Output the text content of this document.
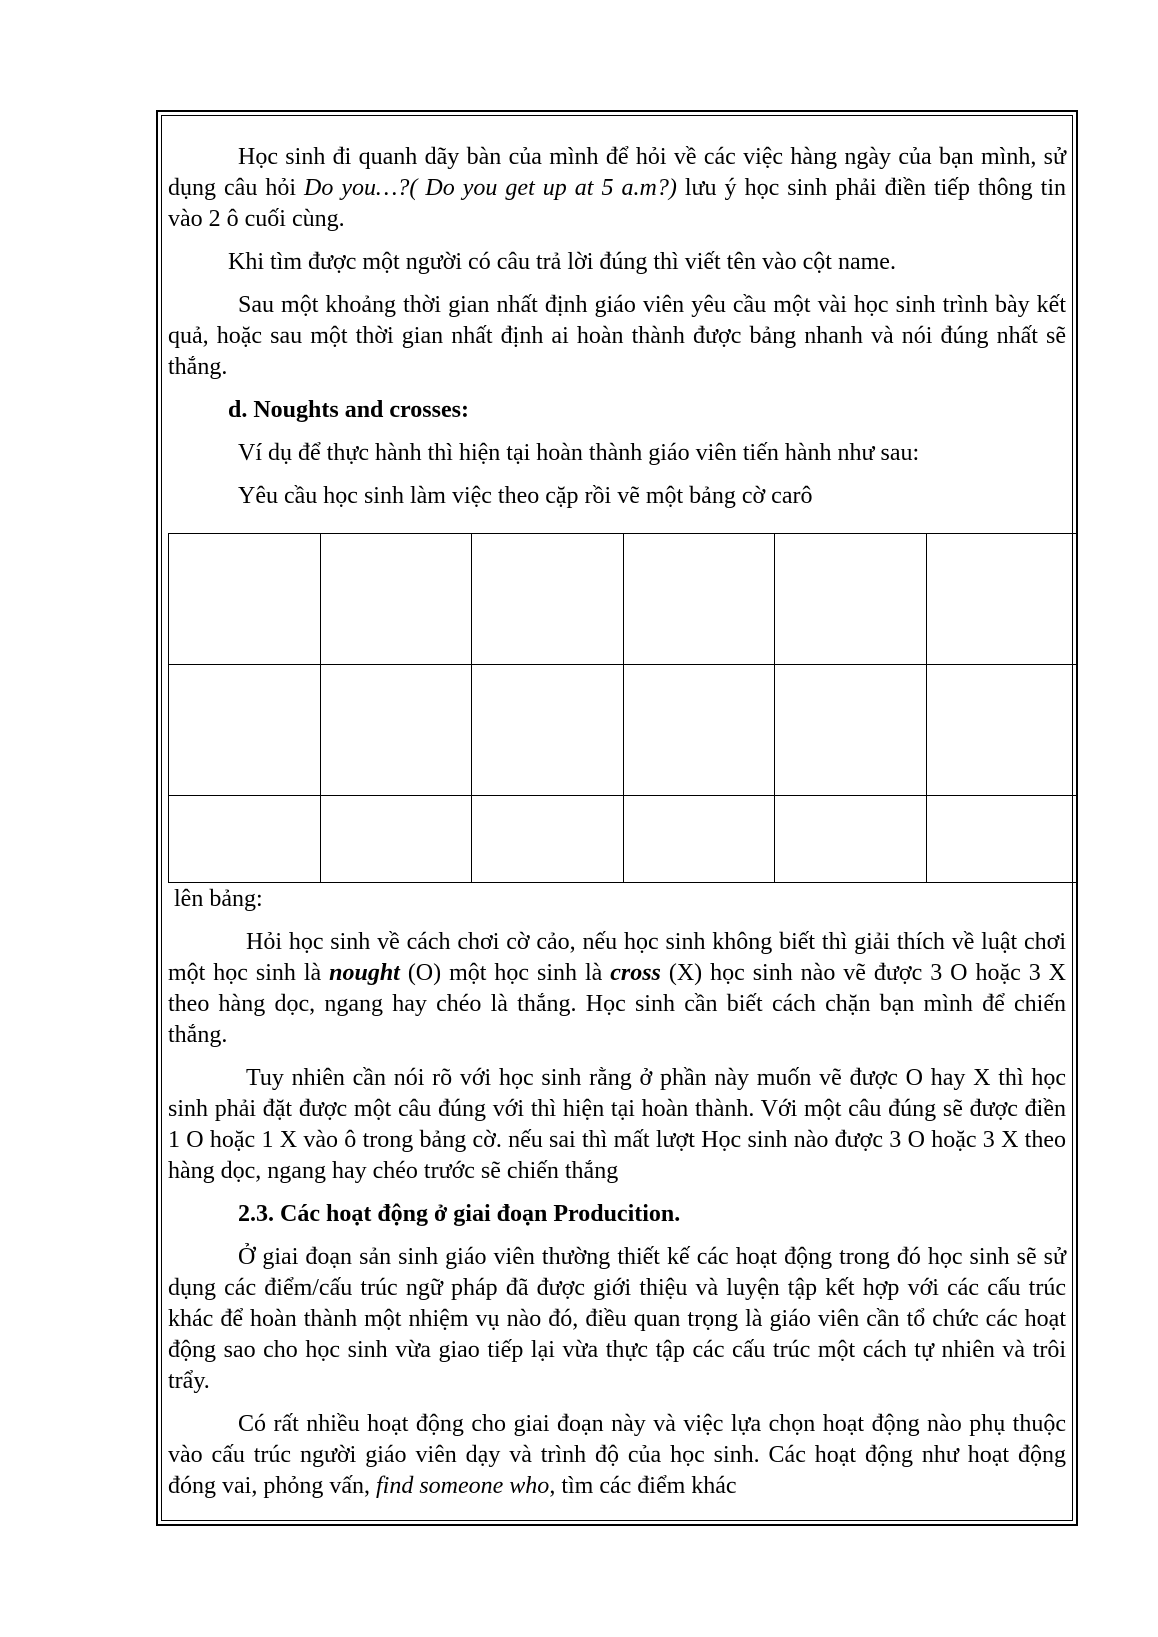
Học sinh đi quanh dãy bàn của mình để hỏi về các việc hàng ngày của bạn mình, sử dụng câu hỏi Do you…?( Do you get up at 5 a.m?) lưu ý học sinh phải điền tiếp thông tin vào 2 ô cuối cùng.

Khi tìm được một người có câu trả lời đúng thì viết tên vào cột name.

Sau một khoảng thời gian nhất định giáo viên yêu cầu một vài học sinh trình bày kết quả, hoặc sau một thời gian nhất định ai hoàn thành được bảng nhanh và nói đúng nhất sẽ thắng.

d. Noughts and crosses:

Ví dụ để thực hành thì hiện tại hoàn thành giáo viên tiến hành như sau:

Yêu cầu học sinh làm việc theo cặp rồi vẽ một bảng cờ carô

lên bảng:

Hỏi học sinh về cách chơi cờ cảo, nếu học sinh không biết thì giải thích về luật chơi một học sinh là nought (O) một học sinh là cross (X) học sinh nào vẽ được 3 O hoặc 3 X theo hàng dọc, ngang hay chéo là thắng. Học sinh cần biết cách chặn bạn mình để chiến thắng.

Tuy nhiên cần nói rõ với học sinh rằng ở phần này muốn vẽ được O hay X thì học sinh phải đặt được một câu đúng với thì hiện tại hoàn thành. Với một câu đúng sẽ được điền 1 O hoặc 1 X vào ô trong bảng cờ. nếu sai thì mất lượt Học sinh nào được 3 O hoặc 3 X theo hàng dọc, ngang hay chéo trước sẽ chiến thắng

2.3. Các hoạt động ở giai đoạn Producition.

Ở giai đoạn sản sinh giáo viên thường thiết kế các hoạt động trong đó học sinh sẽ sử dụng các điểm/cấu trúc ngữ pháp đã được giới thiệu và luyện tập kết hợp với các cấu trúc khác để hoàn thành một nhiệm vụ nào đó, điều quan trọng là giáo viên cần tổ chức các hoạt động sao cho học sinh vừa giao tiếp lại vừa thực tập các cấu trúc một cách tự nhiên và trôi trẩy.

Có rất nhiều hoạt động cho giai đoạn này và việc lựa chọn hoạt động nào phụ thuộc vào cấu trúc người giáo viên dạy và trình độ của học sinh. Các hoạt động như hoạt động đóng vai, phỏng vấn, find someone who, tìm các điểm khác
